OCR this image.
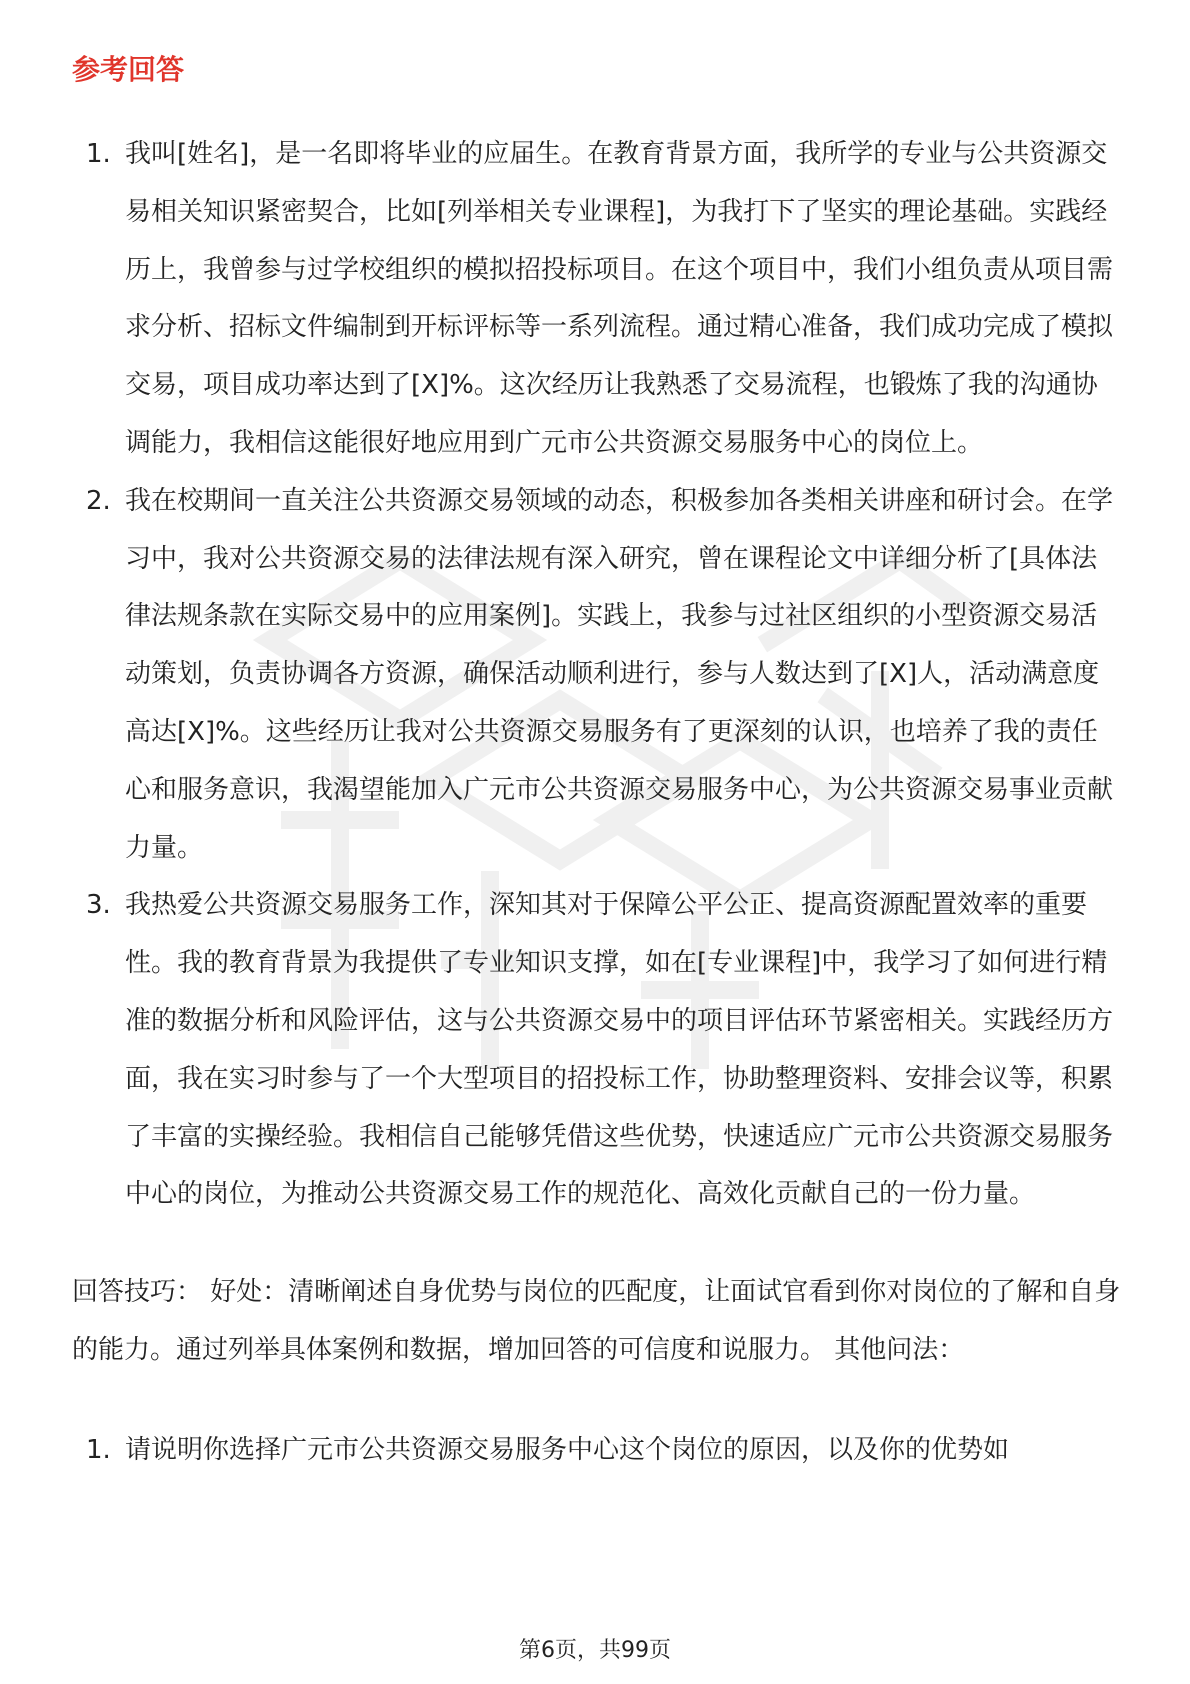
参考回答
1. 我叫[姓名]，是一名即将毕业的应届生。在教育背景方面，我所学的专业与公共资源交易相关知识紧密契合，比如[列举相关专业课程]，为我打下了坚实的理论基础。实践经历上，我曾参与过学校组织的模拟招投标项目。在这个项目中，我们小组负责从项目需求分析、招标文件编制到开标评标等一系列流程。通过精心准备，我们成功完成了模拟交易，项目成功率达到了[X]%。这次经历让我熟悉了交易流程，也锻炼了我的沟通协调能力，我相信这能很好地应用到广元市公共资源交易服务中心的岗位上。
2. 我在校期间一直关注公共资源交易领域的动态，积极参加各类相关讲座和研讨会。在学习中，我对公共资源交易的法律法规有深入研究，曾在课程论文中详细分析了[具体法律法规条款在实际交易中的应用案例]。实践上，我参与过社区组织的小型资源交易活动策划，负责协调各方资源，确保活动顺利进行，参与人数达到了[X]人，活动满意度高达[X]%。这些经历让我对公共资源交易服务有了更深刻的认识，也培养了我的责任心和服务意识，我渴望能加入广元市公共资源交易服务中心，为公共资源交易事业贡献力量。
3. 我热爱公共资源交易服务工作，深知其对于保障公平公正、提高资源配置效率的重要性。我的教育背景为我提供了专业知识支撑，如在[专业课程]中，我学习了如何进行精准的数据分析和风险评估，这与公共资源交易中的项目评估环节紧密相关。实践经历方面，我在实习时参与了一个大型项目的招投标工作，协助整理资料、安排会议等，积累了丰富的实操经验。我相信自己能够凭借这些优势，快速适应广元市公共资源交易服务中心的岗位，为推动公共资源交易工作的规范化、高效化贡献自己的一份力量。

回答技巧： 好处：清晰阐述自身优势与岗位的匹配度，让面试官看到你对岗位的了解和自身的能力。通过列举具体案例和数据，增加回答的可信度和说服力。 其他问法：

1. 请说明你选择广元市公共资源交易服务中心这个岗位的原因，以及你的优势如
第6页，共99页
